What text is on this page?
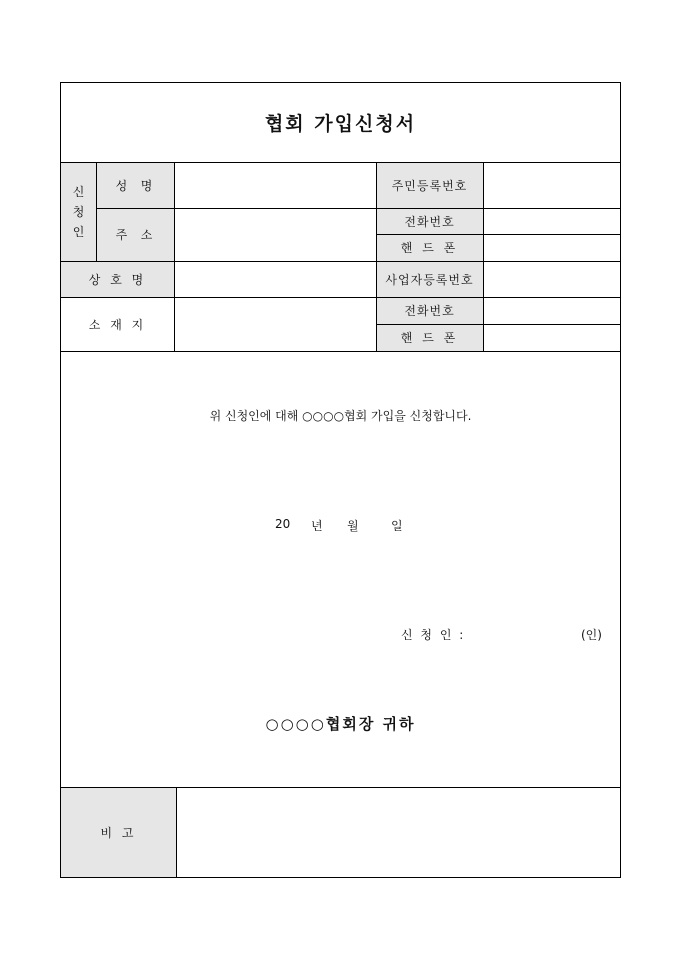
협회 가입신청서
신
청
인
성  명
주  소
상 호 명
소 재 지
주민등록번호
전화번호
핸 드 폰
사업자등록번호
전화번호
핸 드 폰
위 신청인에 대해 ○○○○협회 가입을 신청합니다.
20 년 월	일
신 청 인 :	(인)
○○○○협회장 귀하
비 고
